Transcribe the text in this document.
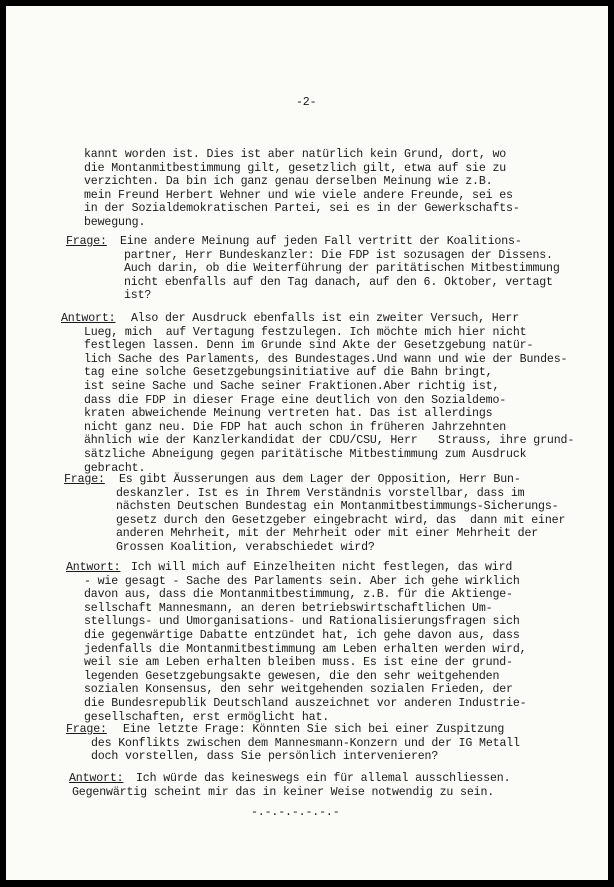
-2-
kannt worden ist. Dies ist aber natürlich kein Grund, dort, wo
die Montanmitbestimmung gilt, gesetzlich gilt, etwa auf sie zu
verzichten. Da bin ich ganz genau derselben Meinung wie z.B.
mein Freund Herbert Wehner und wie viele andere Freunde, sei es
in der Sozialdemokratischen Partei, sei es in der Gewerkschafts-
bewegung.
Frage: Eine andere Meinung auf jeden Fall vertritt der Koalitions-
partner, Herr Bundeskanzler: Die FDP ist sozusagen der Dissens.
Auch darin, ob die Weiterführung der paritätischen Mitbestimmung
nicht ebenfalls auf den Tag danach, auf den 6. Oktober, vertagt
ist?
Antwort: Also der Ausdruck ebenfalls ist ein zweiter Versuch, Herr
Lueg, mich  auf Vertagung festzulegen. Ich möchte mich hier nicht
festlegen lassen. Denn im Grunde sind Akte der Gesetzgebung natür-
lich Sache des Parlaments, des Bundestages.Und wann und wie der Bundes-
tag eine solche Gesetzgebungsinitiative auf die Bahn bringt,
ist seine Sache und Sache seiner Fraktionen.Aber richtig ist,
dass die FDP in dieser Frage eine deutlich von den Sozialdemo-
kraten abweichende Meinung vertreten hat. Das ist allerdings
nicht ganz neu. Die FDP hat auch schon in früheren Jahrzehnten
ähnlich wie der Kanzlerkandidat der CDU/CSU, Herr   Strauss, ihre grund-
sätzliche Abneigung gegen paritätische Mitbestimmung zum Ausdruck
gebracht.
Frage: Es gibt Äusserungen aus dem Lager der Opposition, Herr Bun-
deskanzler. Ist es in Ihrem Verständnis vorstellbar, dass im
nächsten Deutschen Bundestag ein Montanmitbestimmungs-Sicherungs-
gesetz durch den Gesetzgeber eingebracht wird, das  dann mit einer
anderen Mehrheit, mit der Mehrheit oder mit einer Mehrheit der
Grossen Koalition, verabschiedet wird?
Antwort: Ich will mich auf Einzelheiten nicht festlegen, das wird
- wie gesagt - Sache des Parlaments sein. Aber ich gehe wirklich
davon aus, dass die Montanmitbestimmung, z.B. für die Aktienge-
sellschaft Mannesmann, an deren betriebswirtschaftlichen Um-
stellungs- und Umorganisations- und Rationalisierungsfragen sich
die gegenwärtige Dabatte entzündet hat, ich gehe davon aus, dass
jedenfalls die Montanmitbestimmung am Leben erhalten werden wird,
weil sie am Leben erhalten bleiben muss. Es ist eine der grund-
legenden Gesetzgebungsakte gewesen, die den sehr weitgehenden
sozialen Konsensus, den sehr weitgehenden sozialen Frieden, der
die Bundesrepublik Deutschland auszeichnet vor anderen Industrie-
gesellschaften, erst ermöglicht hat.
Frage: Eine letzte Frage: Könnten Sie sich bei einer Zuspitzung
des Konflikts zwischen dem Mannesmann-Konzern und der IG Metall
doch vorstellen, dass Sie persönlich intervenieren?
Antwort: Ich würde das keineswegs ein für allemal ausschliessen.
Gegenwärtig scheint mir das in keiner Weise notwendig zu sein.
-.-.-.-.-.-.-
